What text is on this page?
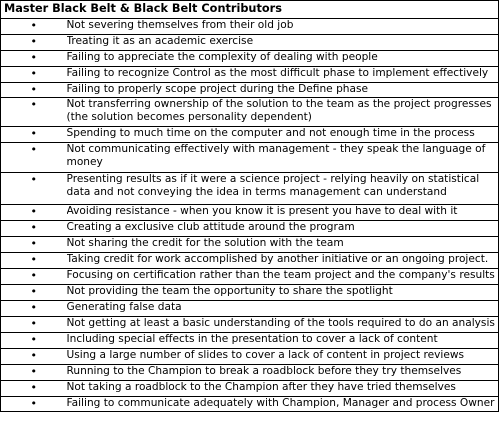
Master Black Belt & Black Belt Contributors	
•	Not severing themselves from their old job
•	Treating it as an academic exercise
•	Failing to appreciate the complexity of dealing with people
•	Failing to recognize Control as the most difficult phase to implement effectively
•	Failing to properly scope project during the Define phase
•	Not transferring ownership of the solution to the team as the project progresses (the solution becomes personality dependent)
•	Spending to much time on the computer and not enough time in the process
•	Not communicating effectively with management - they speak the language of money
•	Presenting results as if it were a science project - relying heavily on statistical data and not conveying the idea in terms management can understand
•	Avoiding resistance - when you know it is present you have to deal with it
•	Creating a exclusive club attitude around the program
•	Not sharing the credit for the solution with the team
•	Taking credit for work accomplished by another initiative or an ongoing project.
•	Focusing on certification rather than the team project and the company's results
•	Not providing the team the opportunity to share the spotlight
•	Generating false data
•	Not getting at least a basic understanding of the tools required to do an analysis
•	Including special effects in the presentation to cover a lack of content
•	Using a large number of slides to cover a lack of content in project reviews
•	Running to the Champion to break a roadblock before they try themselves
•	Not taking a roadblock to the Champion after they have tried themselves
•	Failing to communicate adequately with Champion, Manager and process Owner
